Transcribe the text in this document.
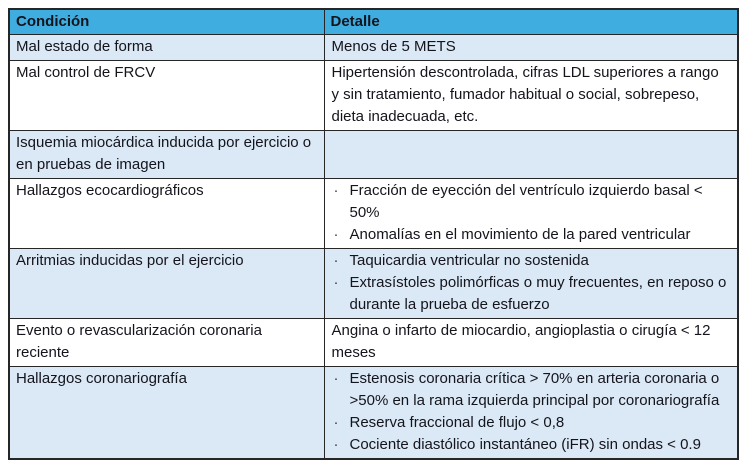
Condición	Detalle
Mal estado de forma	Menos de 5 METS
Mal control de FRCV	Hipertensión descontrolada, cifras LDL superiores a rango y sin tratamiento, fumador habitual o social, sobrepeso, dieta inadecuada, etc.
Isquemia miocárdica inducida por ejercicio o en pruebas de imagen	
Hallazgos ecocardiográficos	· Fracción de eyección del ventrículo izquierdo basal < 50%
· Anomalías en el movimiento de la pared ventricular

Arritmias inducidas por el ejercicio	· Taquicardia ventricular no sostenida
· Extrasístoles polimórficas o muy frecuentes, en reposo o durante la prueba de esfuerzo

Evento o revascularización coronaria reciente	Angina o infarto de miocardio, angioplastia o cirugía < 12 meses
Hallazgos coronariografía	· Estenosis coronaria crítica > 70% en arteria coronaria o >50% en la rama izquierda principal por coronariografía
· Reserva fraccional de flujo < 0,8
· Cociente diastólico instantáneo (iFR) sin ondas < 0.9
